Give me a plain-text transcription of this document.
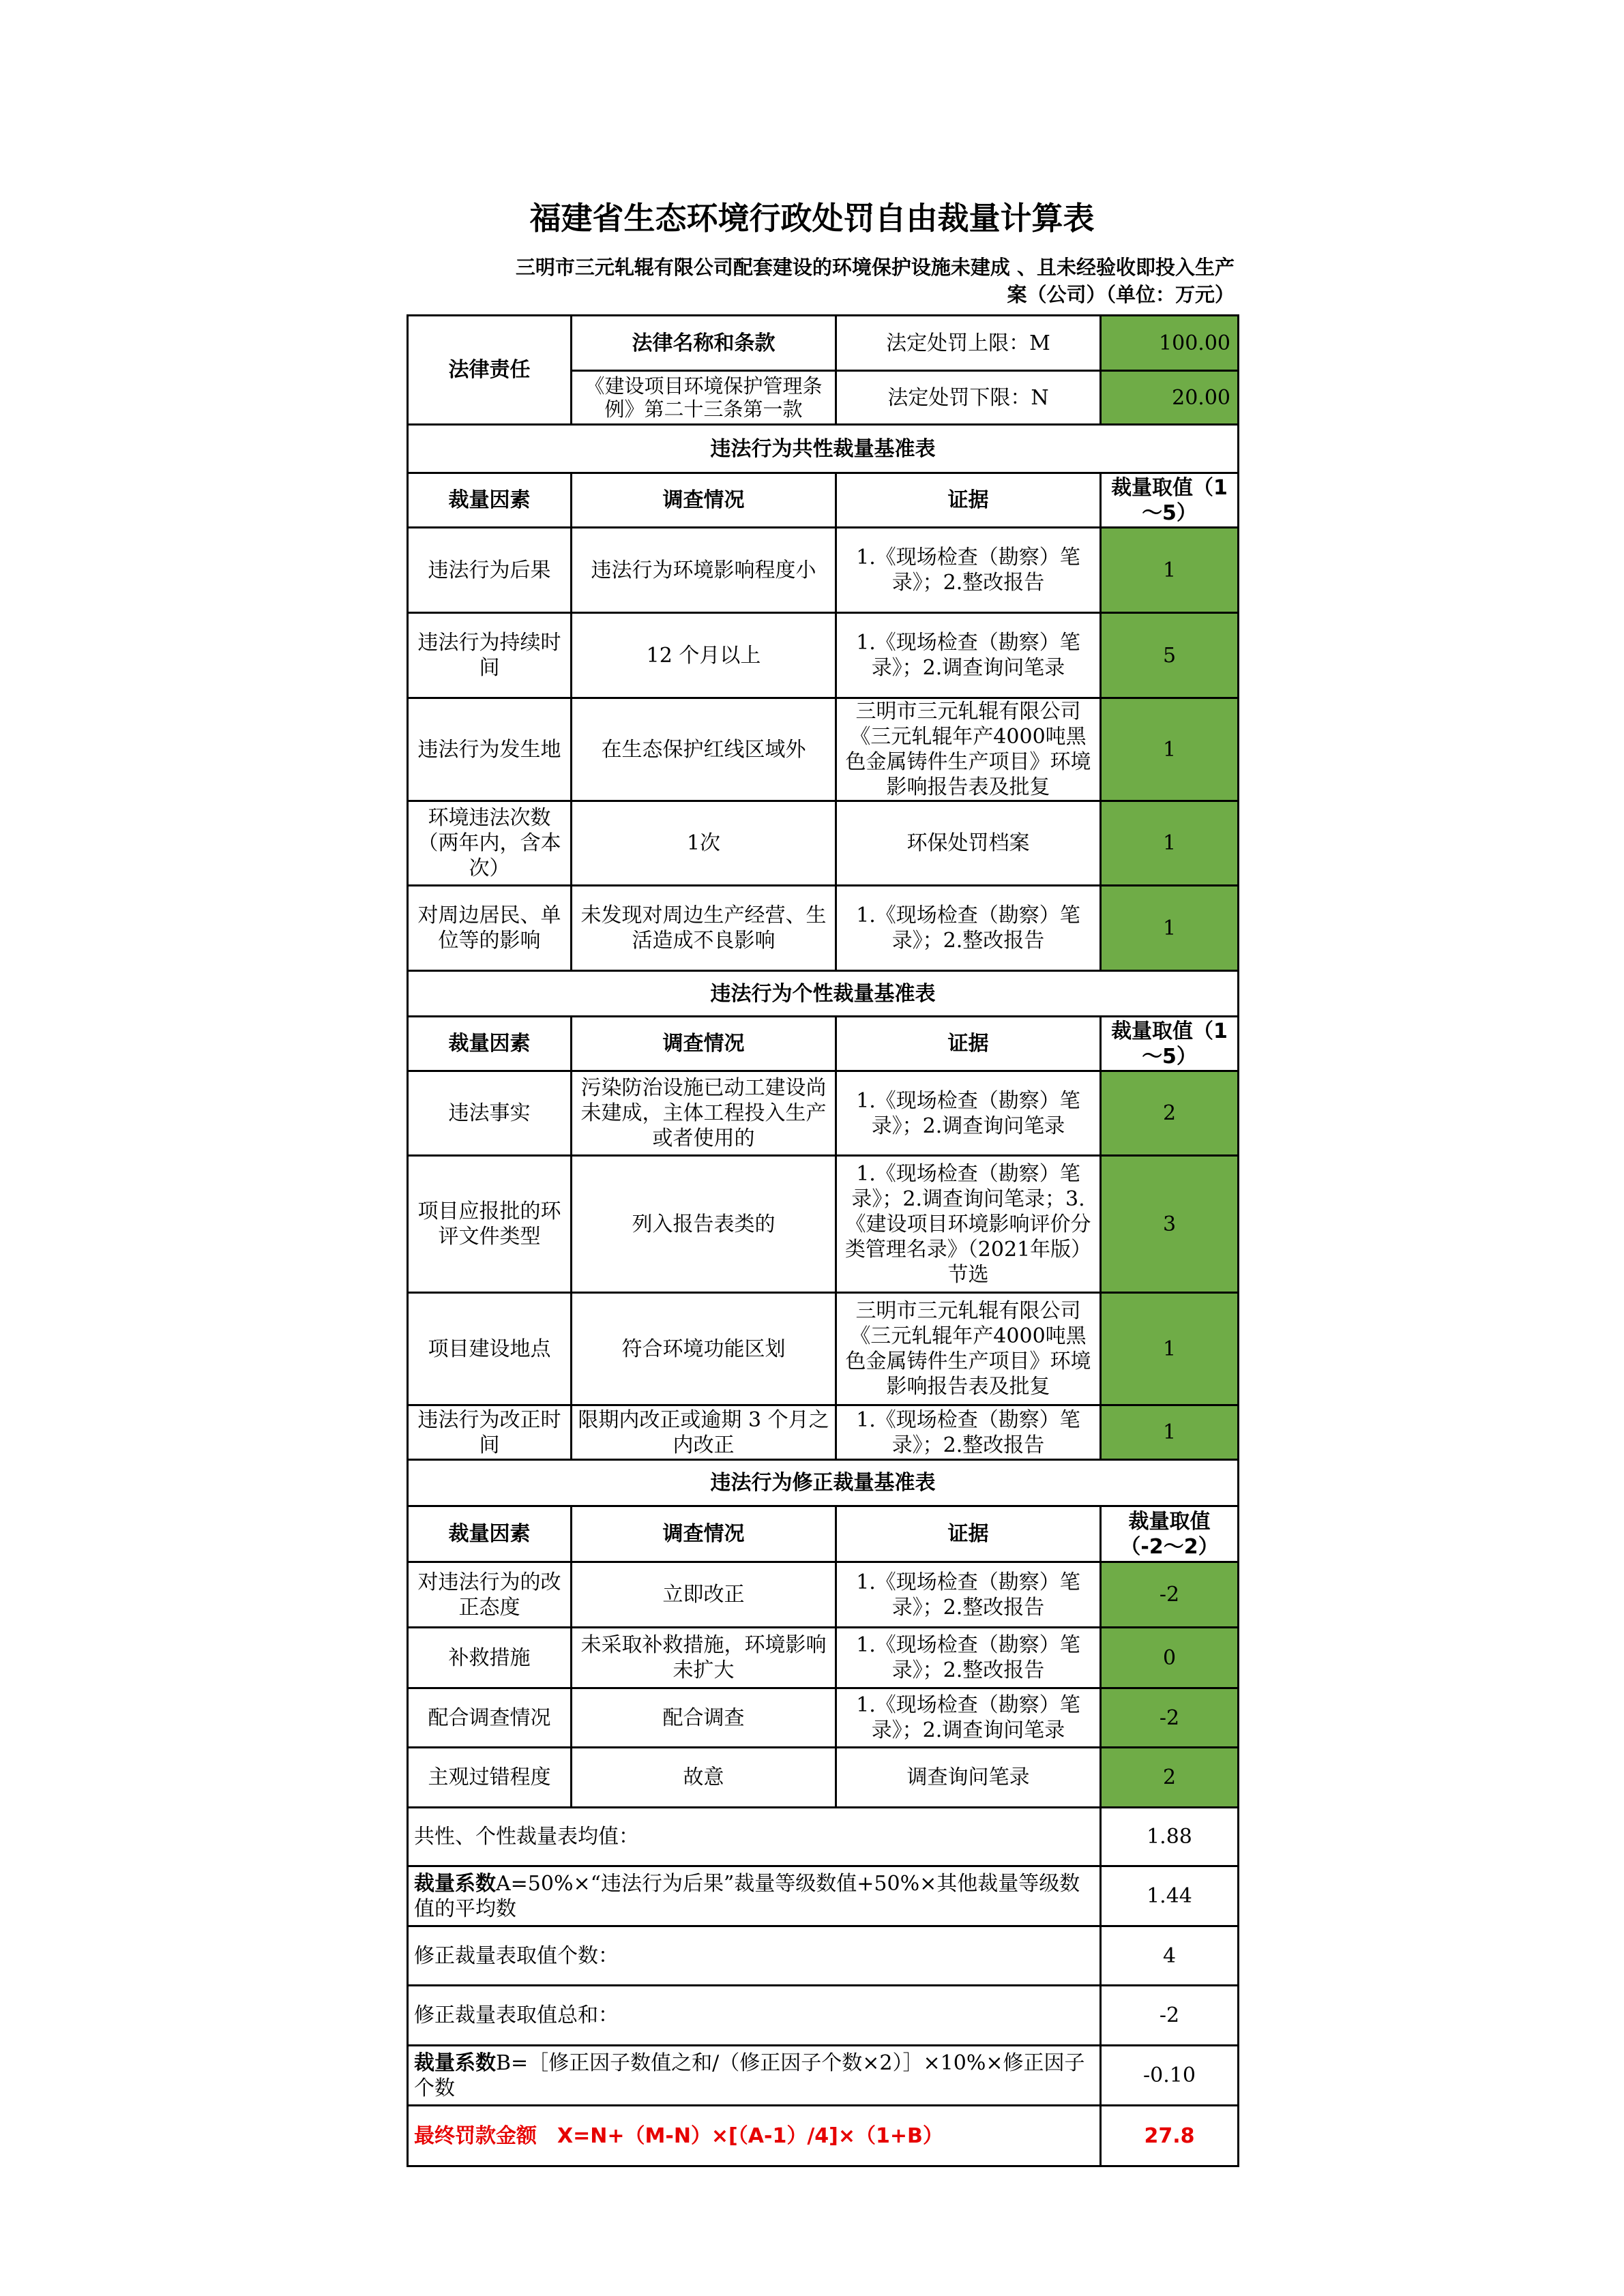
福建省生态环境行政处罚自由裁量计算表
三明市三元轧辊有限公司配套建设的环境保护设施未建成 、且未经验收即投入生产
案（公司）（单位：万元）
法律责任	法律名称和条款	法定处罚上限：M	100.00
	《建设项目环境保护管理条例》第二十三条第一款	法定处罚下限：N	20.00
违法行为共性裁量基准表			
裁量因素	调查情况	证据	裁量取值（1～5）
违法行为后果	违法行为环境影响程度小	1.《现场检查（勘察）笔录》；2.整改报告	1
违法行为持续时间	12 个月以上	1.《现场检查（勘察）笔录》；2.调查询问笔录	5
违法行为发生地	在生态保护红线区域外	三明市三元轧辊有限公司《三元轧辊年产4000吨黑色金属铸件生产项目》环境影响报告表及批复	1
环境违法次数（两年内，含本次）	1次	环保处罚档案	1
对周边居民、单位等的影响	未发现对周边生产经营、生活造成不良影响	1.《现场检查（勘察）笔录》；2.整改报告	1
违法行为个性裁量基准表			
裁量因素	调查情况	证据	裁量取值（1～5）
违法事实	污染防治设施已动工建设尚未建成，主体工程投入生产或者使用的	1.《现场检查（勘察）笔录》；2.调查询问笔录	2
项目应报批的环评文件类型	列入报告表类的	1.《现场检查（勘察）笔录》；2.调查询问笔录；3.《建设项目环境影响评价分类管理名录》（2021年版）节选	3
项目建设地点	符合环境功能区划	三明市三元轧辊有限公司《三元轧辊年产4000吨黑色金属铸件生产项目》环境影响报告表及批复	1
违法行为改正时间	限期内改正或逾期 3 个月之内改正	1.《现场检查（勘察）笔录》；2.整改报告	1
违法行为修正裁量基准表			
裁量因素	调查情况	证据	裁量取值（-2～2）
对违法行为的改正态度	立即改正	1.《现场检查（勘察）笔录》；2.整改报告	-2
补救措施	未采取补救措施，环境影响未扩大	1.《现场检查（勘察）笔录》；2.整改报告	0
配合调查情况	配合调查	1.《现场检查（勘察）笔录》；2.调查询问笔录	-2
主观过错程度	故意	调查询问笔录	2
共性、个性裁量表均值：			1.88
裁量系数A=50%×“违法行为后果”裁量等级数值+50%×其他裁量等级数值的平均数			1.44
修正裁量表取值个数：			4
修正裁量表取值总和：			-2
裁量系数B=［修正因子数值之和/（修正因子个数×2）］×10%×修正因子个数			-0.10
最终罚款金额　X=N+（M-N）×[（A-1）/4]×（1+B）			27.8
